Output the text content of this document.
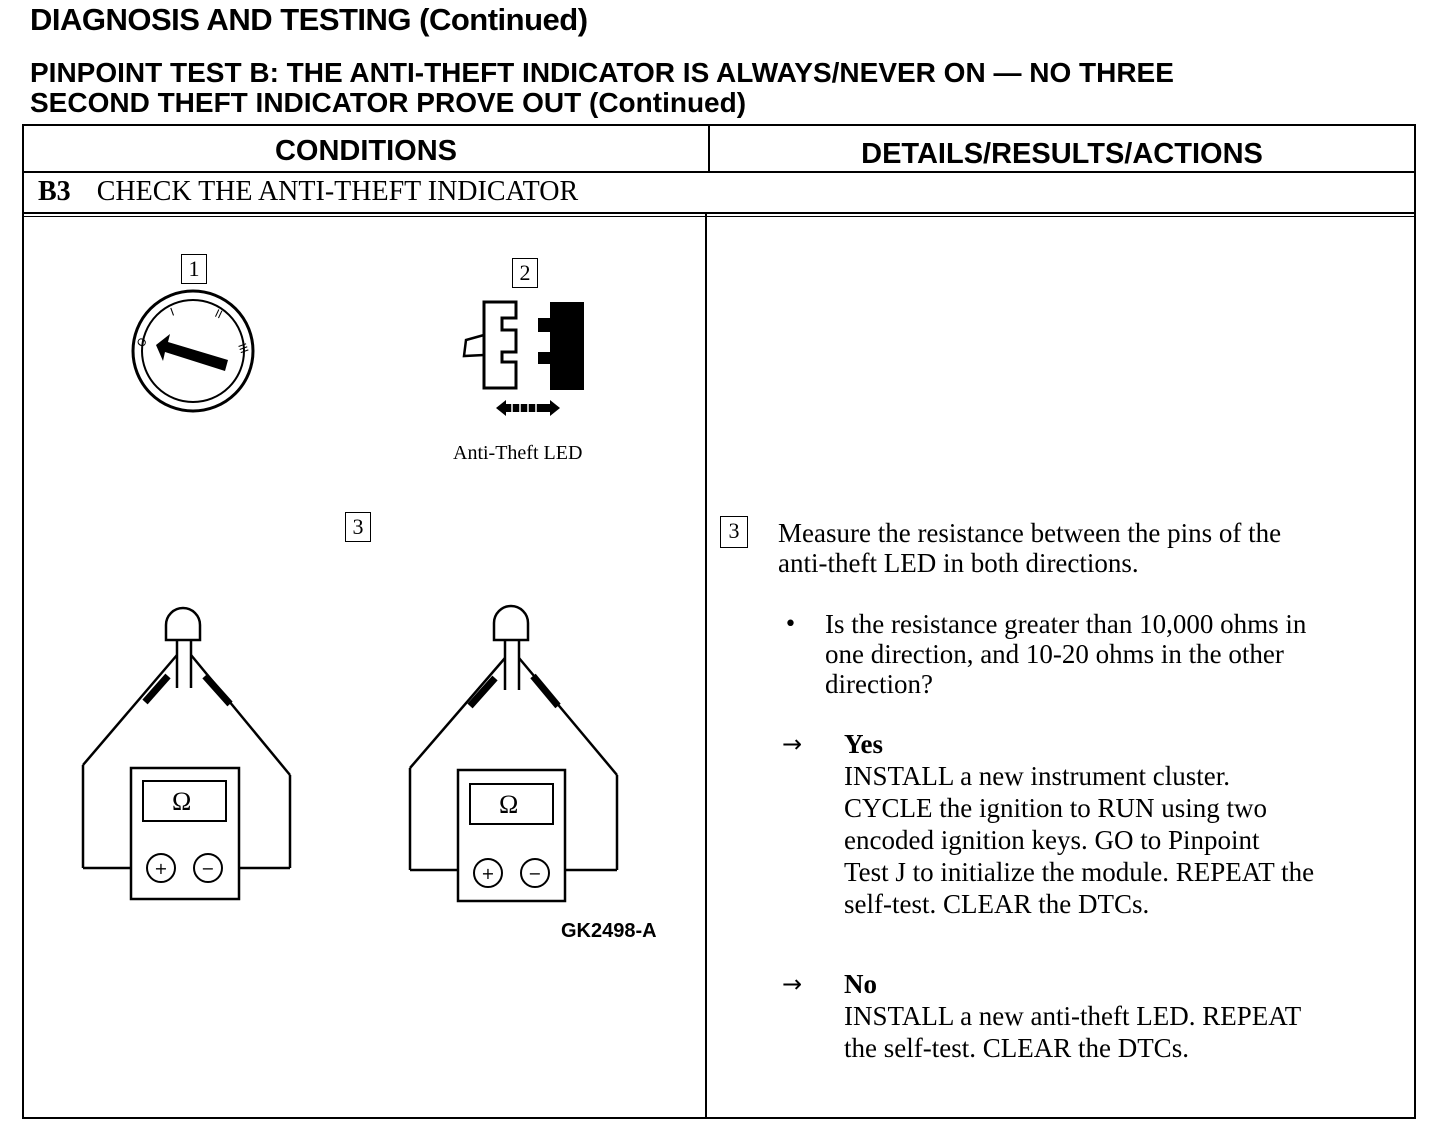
DIAGNOSIS AND TESTING (Continued)
PINPOINT TEST B: THE ANTI-THEFT INDICATOR IS ALWAYS/NEVER ON — NO THREE
SECOND THEFT INDICATOR PROVE OUT (Continued)
CONDITIONS	DETAILS/RESULTS/ACTIONS
B3 CHECK THE ANTI-THEFT INDICATOR
1	2
3
O
I	II
III
+ −	+ −
Ω	Ω
Anti-Theft LED
GK2498-A
3	Measure the resistance between the pins of the
anti-theft LED in both directions.
• Is the resistance greater than 10,000 ohms in
one direction, and 10-20 ohms in the other
direction?
→ Yes
INSTALL a new instrument cluster.
CYCLE the ignition to RUN using two
encoded ignition keys. GO to Pinpoint
Test J to initialize the module. REPEAT the
self-test. CLEAR the DTCs.
→ No
INSTALL a new anti-theft LED. REPEAT
the self-test. CLEAR the DTCs.
